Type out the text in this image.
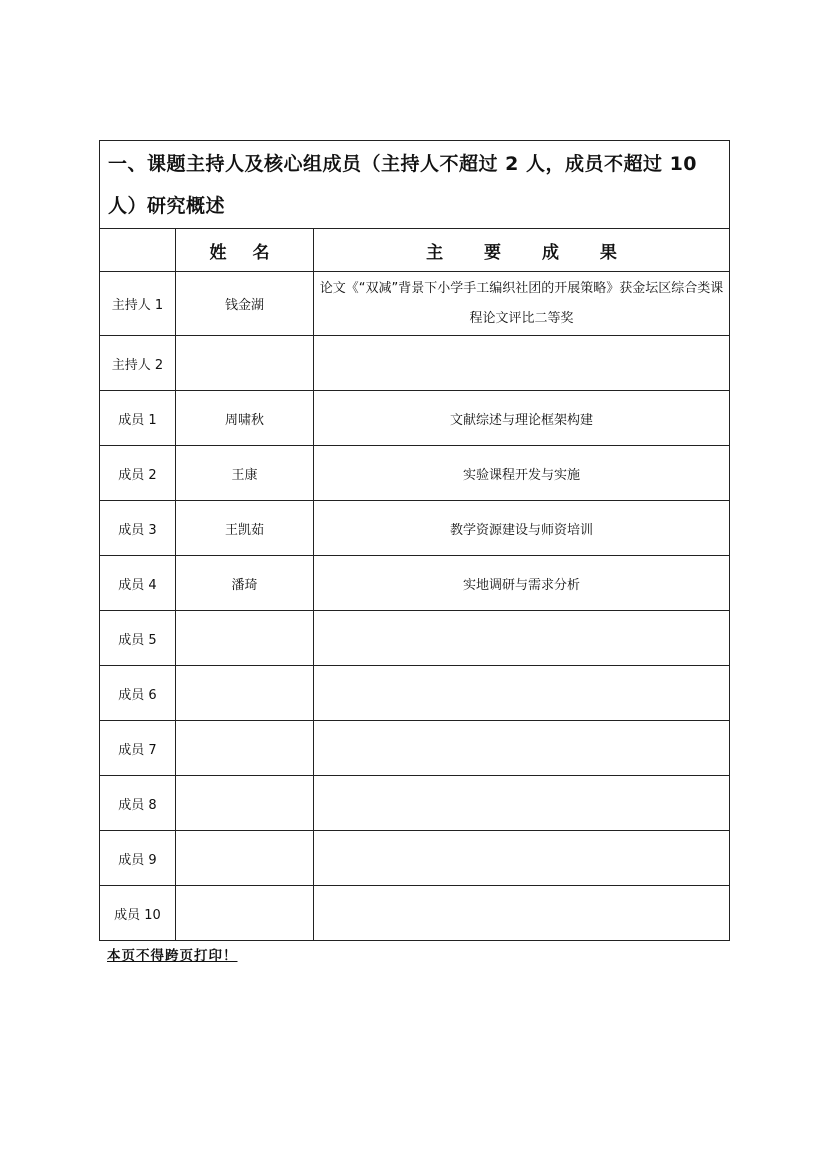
一、课题主持人及核心组成员（主持人不超过 2 人，成员不超过 10 人）研究概述		
	姓 名	主 要 成 果
主持人 1	钱金湖	论文《“双减”背景下小学手工编织社团的开展策略》获金坛区综合类课程论文评比二等奖
主持人 2		
成员 1	周啸秋	文献综述与理论框架构建
成员 2	王康	实验课程开发与实施
成员 3	王凯茹	教学资源建设与师资培训
成员 4	潘琦	实地调研与需求分析
成员 5		
成员 6		
成员 7		
成员 8		
成员 9		
成员 10		
本页不得跨页打印！
